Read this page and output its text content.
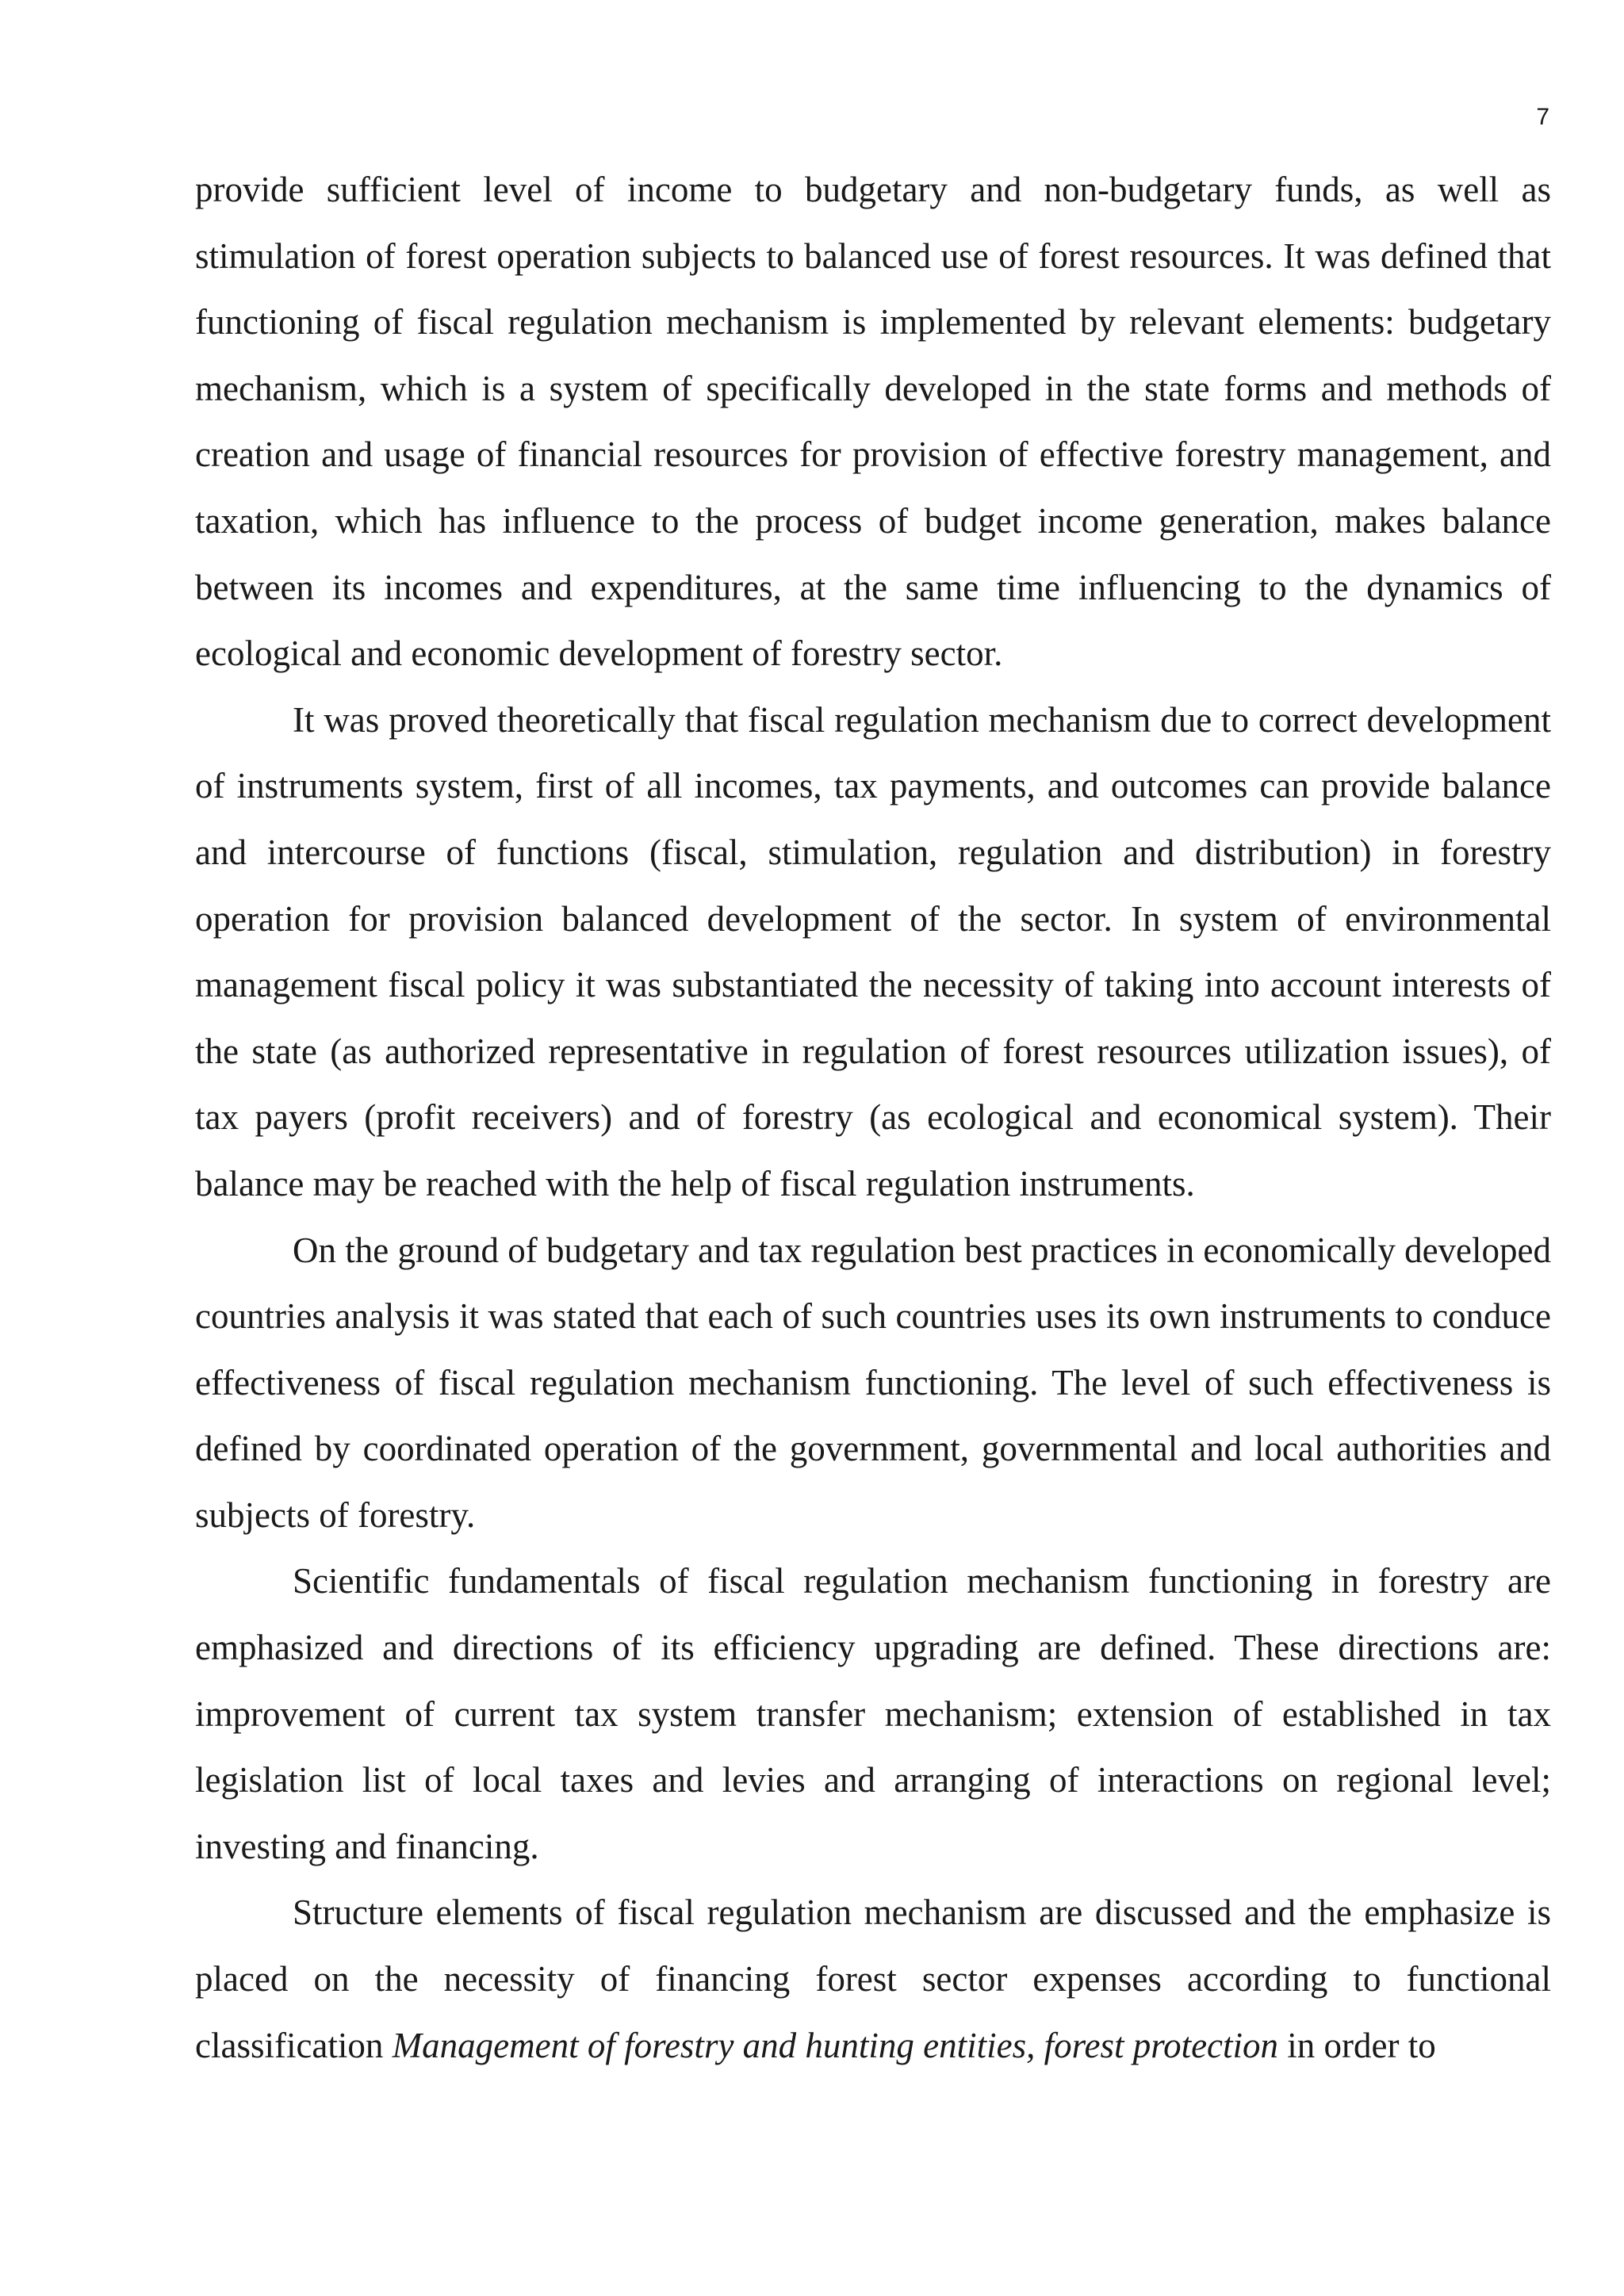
7

provide sufficient level of income to budgetary and non-budgetary funds, as well as stimulation of forest operation subjects to balanced use of forest resources. It was defined that functioning of fiscal regulation mechanism is implemented by relevant elements: budgetary mechanism, which is a system of specifically developed in the state forms and methods of creation and usage of financial resources for provision of effective forestry management, and taxation, which has influence to the process of budget income generation, makes balance between its incomes and expenditures, at the same time influencing to the dynamics of ecological and economic development of forestry sector.

It was proved theoretically that fiscal regulation mechanism due to correct development of instruments system, first of all incomes, tax payments, and outcomes can provide balance and intercourse of functions (fiscal, stimulation, regulation and distribution) in forestry operation for provision balanced development of the sector. In system of environmental management fiscal policy it was substantiated the necessity of taking into account interests of the state (as authorized representative in regulation of forest resources utilization issues), of tax payers (profit receivers) and of forestry (as ecological and economical system). Their balance may be reached with the help of fiscal regulation instruments.

On the ground of budgetary and tax regulation best practices in economically developed countries analysis it was stated that each of such countries uses its own instruments to conduce effectiveness of fiscal regulation mechanism functioning. The level of such effectiveness is defined by coordinated operation of the government, governmental and local authorities and subjects of forestry.

Scientific fundamentals of fiscal regulation mechanism functioning in forestry are emphasized and directions of its efficiency upgrading are defined. These directions are: improvement of current tax system transfer mechanism; extension of established in tax legislation list of local taxes and levies and arranging of interactions on regional level; investing and financing.

Structure elements of fiscal regulation mechanism are discussed and the emphasize is placed on the necessity of financing forest sector expenses according to functional classification Management of forestry and hunting entities, forest protection in order to
